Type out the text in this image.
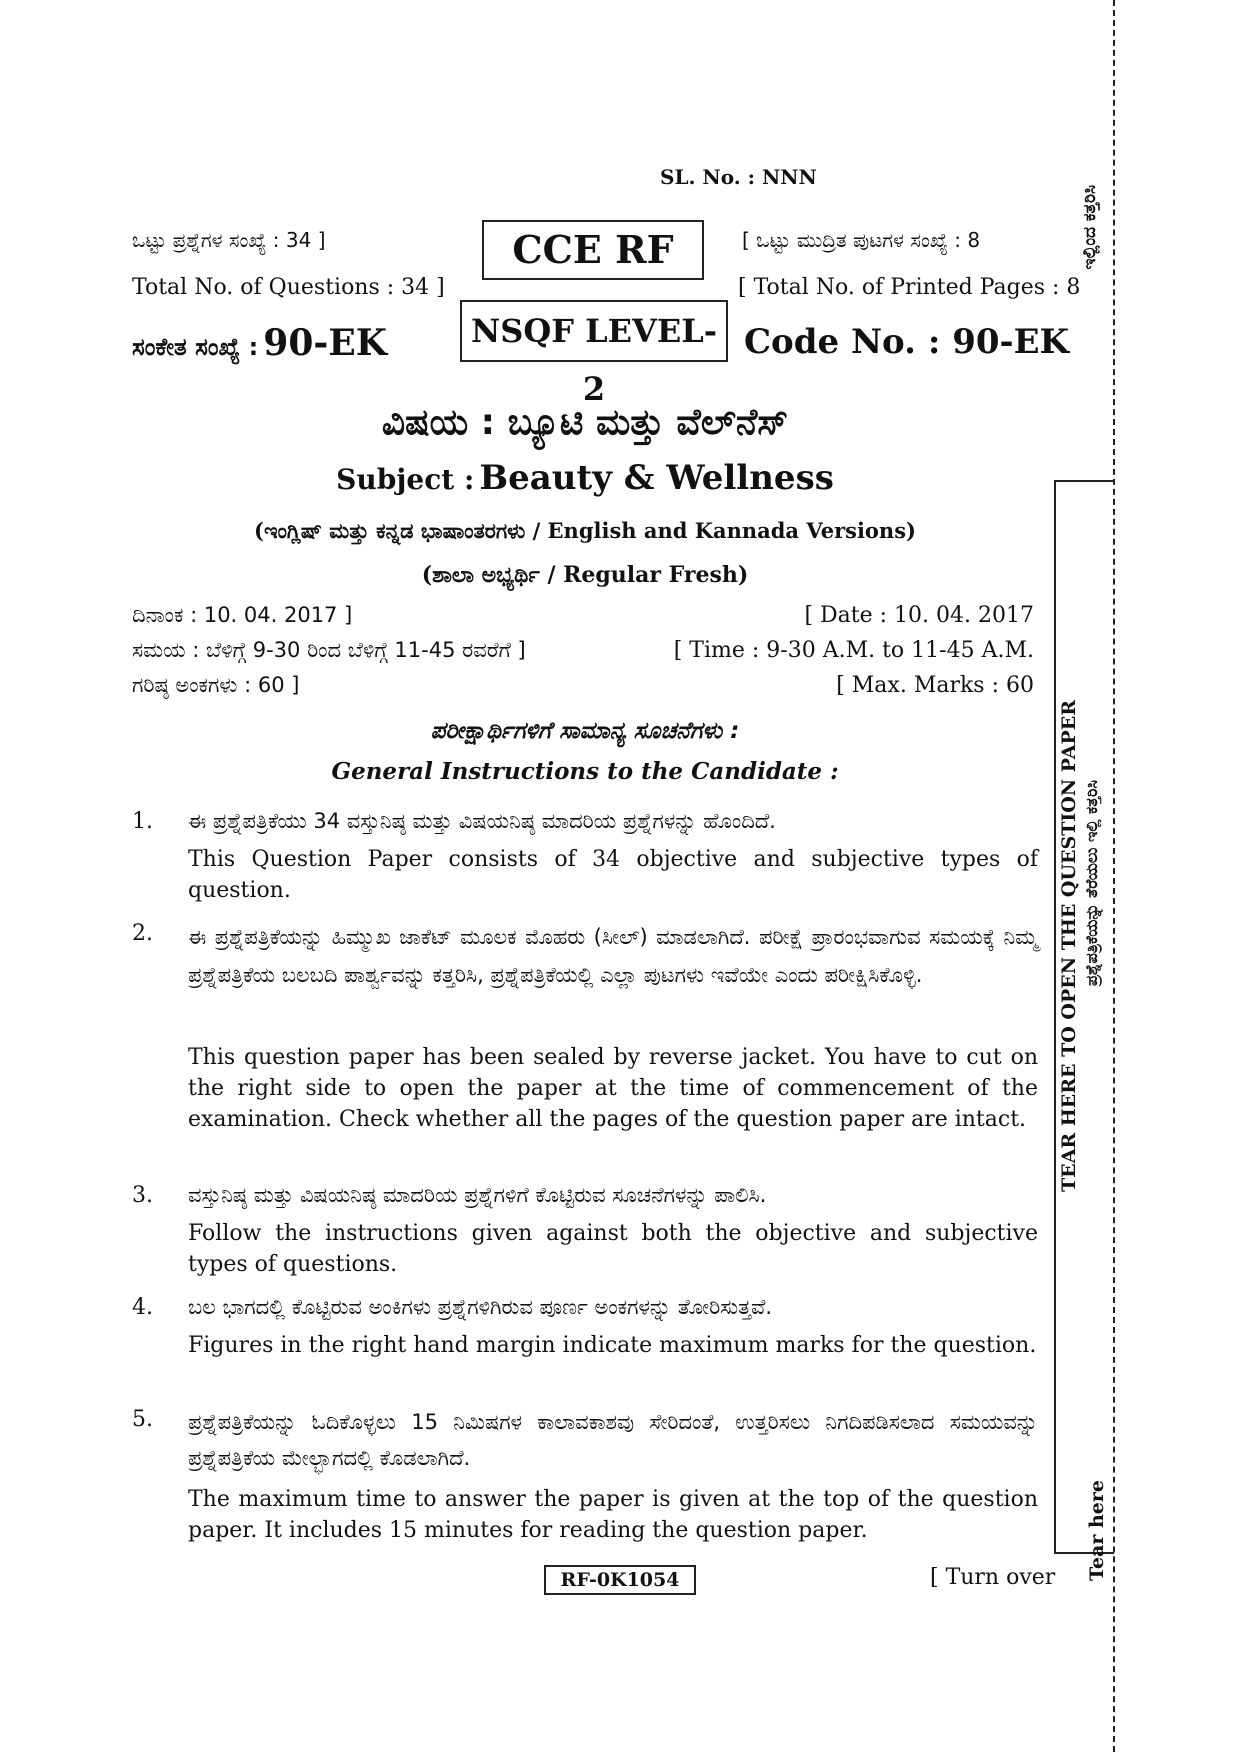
ಇಲ್ಲಿಂದ ಕತ್ತರಿಸಿ
TEAR HERE TO OPEN THE QUESTION PAPER ಪ್ರಶ್ನೆಪತ್ರಿಕೆಯನ್ನು ತೆರೆಯಲು ಇಲ್ಲಿ ಕತ್ತರಿಸಿ
Tear here
SL. No. : NNN
ಒಟ್ಟು ಪ್ರಶ್ನೆಗಳ ಸಂಖ್ಯೆ : 34 ]	CCE RF	[ ಒಟ್ಟು ಮುದ್ರಿತ ಪುಟಗಳ ಸಂಖ್ಯೆ : 8
Total No. of Questions : 34 ]
NSQF LEVEL-2
[ Total No. of Printed Pages : 8
ಸಂಕೇತ ಸಂಖ್ಯೆ : 90-EK	Code No. : 90-EK
ವಿಷಯ : ಬ್ಯೂಟಿ ಮತ್ತು ವೆಲ್‌ನೆಸ್
Subject : Beauty & Wellness
(ಇಂಗ್ಲಿಷ್ ಮತ್ತು ಕನ್ನಡ ಭಾಷಾಂತರಗಳು / English and Kannada Versions)
(ಶಾಲಾ ಅಭ್ಯರ್ಥಿ / Regular Fresh)
ದಿನಾಂಕ : 10. 04. 2017 ]	[ Date : 10. 04. 2017
ಸಮಯ : ಬೆಳಿಗ್ಗೆ 9-30 ರಿಂದ ಬೆಳಿಗ್ಗೆ 11-45 ರವರೆಗೆ ]	[ Time : 9-30 A.M. to 11-45 A.M.
ಗರಿಷ್ಠ ಅಂಕಗಳು : 60 ]	[ Max. Marks : 60
ಪರೀಕ್ಷಾರ್ಥಿಗಳಿಗೆ ಸಾಮಾನ್ಯ ಸೂಚನೆಗಳು :
General Instructions to the Candidate :
1. ಈ ಪ್ರಶ್ನೆಪತ್ರಿಕೆಯು 34 ವಸ್ತುನಿಷ್ಠ ಮತ್ತು ವಿಷಯನಿಷ್ಠ ಮಾದರಿಯ ಪ್ರಶ್ನೆಗಳನ್ನು ಹೊಂದಿದೆ.
This Question Paper consists of 34 objective and subjective types of question.
2. ಈ ಪ್ರಶ್ನೆಪತ್ರಿಕೆಯನ್ನು ಹಿಮ್ಮುಖ ಜಾಕೆಟ್ ಮೂಲಕ ಮೊಹರು (ಸೀಲ್) ಮಾಡಲಾಗಿದೆ. ಪರೀಕ್ಷೆ ಪ್ರಾರಂಭವಾಗುವ ಸಮಯಕ್ಕೆ ನಿಮ್ಮ ಪ್ರಶ್ನೆಪತ್ರಿಕೆಯ ಬಲಬದಿ ಪಾರ್ಶ್ವವನ್ನು ಕತ್ತರಿಸಿ, ಪ್ರಶ್ನೆಪತ್ರಿಕೆಯಲ್ಲಿ ಎಲ್ಲಾ ಪುಟಗಳು ಇವೆಯೇ ಎಂದು ಪರೀಕ್ಷಿಸಿಕೊಳ್ಳಿ.
This question paper has been sealed by reverse jacket. You have to cut on the right side to open the paper at the time of commencement of the examination. Check whether all the pages of the question paper are intact.
3. ವಸ್ತುನಿಷ್ಠ ಮತ್ತು ವಿಷಯನಿಷ್ಠ ಮಾದರಿಯ ಪ್ರಶ್ನೆಗಳಿಗೆ ಕೊಟ್ಟಿರುವ ಸೂಚನೆಗಳನ್ನು ಪಾಲಿಸಿ.
Follow the instructions given against both the objective and subjective types of questions.
4. ಬಲ ಭಾಗದಲ್ಲಿ ಕೊಟ್ಟಿರುವ ಅಂಕಿಗಳು ಪ್ರಶ್ನೆಗಳಿಗಿರುವ ಪೂರ್ಣ ಅಂಕಗಳನ್ನು ತೋರಿಸುತ್ತವೆ.
Figures in the right hand margin indicate maximum marks for the question.
5. ಪ್ರಶ್ನೆಪತ್ರಿಕೆಯನ್ನು ಓದಿಕೊಳ್ಳಲು 15 ನಿಮಿಷಗಳ ಕಾಲಾವಕಾಶವು ಸೇರಿದಂತೆ, ಉತ್ತರಿಸಲು ನಿಗದಿಪಡಿಸಲಾದ ಸಮಯವನ್ನು ಪ್ರಶ್ನೆಪತ್ರಿಕೆಯ ಮೇಲ್ಭಾಗದಲ್ಲಿ ಕೊಡಲಾಗಿದೆ.
The maximum time to answer the paper is given at the top of the question paper. It includes 15 minutes for reading the question paper.
RF-0K1054	[ Turn over
